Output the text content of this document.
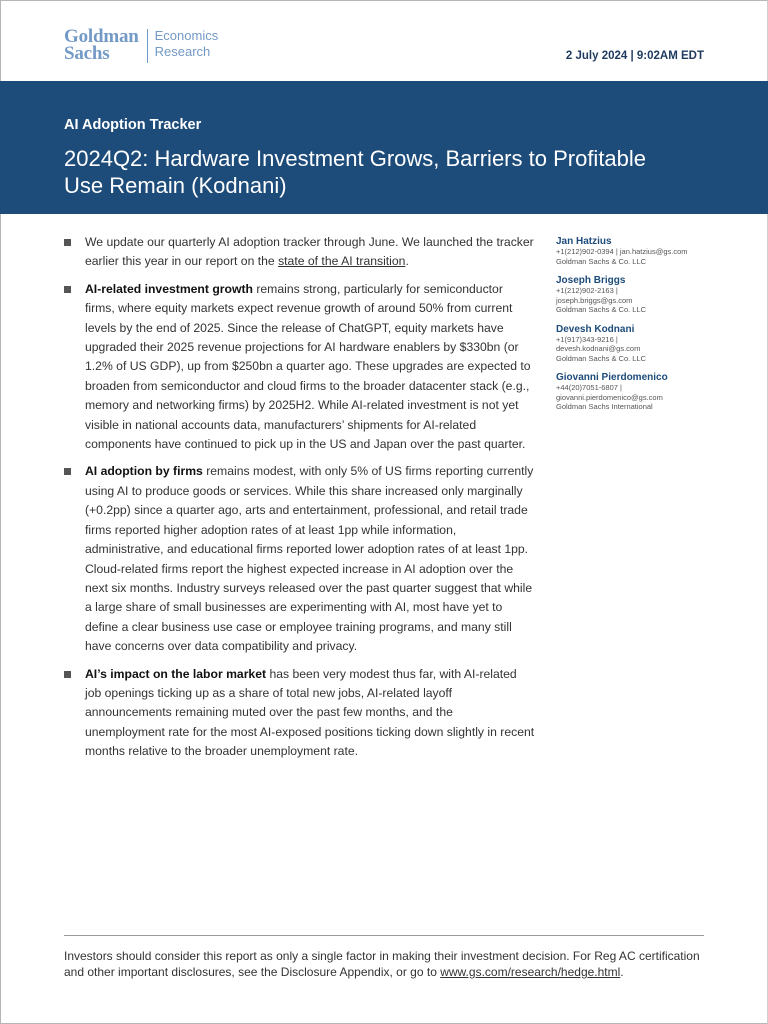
Goldman
Sachs
Economics
Research	2 July 2024 | 9:02AM EDT
AI Adoption Tracker
2024Q2: Hardware Investment Grows, Barriers to Profitable Use Remain (Kodnani)
We update our quarterly AI adoption tracker through June. We launched the tracker earlier this year in our report on the state of the AI transition.
AI-related investment growth remains strong, particularly for semiconductor firms, where equity markets expect revenue growth of around 50% from current levels by the end of 2025. Since the release of ChatGPT, equity markets have upgraded their 2025 revenue projections for AI hardware enablers by $330bn (or 1.2% of US GDP), up from $250bn a quarter ago. These upgrades are expected to broaden from semiconductor and cloud firms to the broader datacenter stack (e.g., memory and networking firms) by 2025H2. While AI-related investment is not yet visible in national accounts data, manufacturers’ shipments for AI-related components have continued to pick up in the US and Japan over the past quarter.
AI adoption by firms remains modest, with only 5% of US firms reporting currently using AI to produce goods or services. While this share increased only marginally (+0.2pp) since a quarter ago, arts and entertainment, professional, and retail trade firms reported higher adoption rates of at least 1pp while information, administrative, and educational firms reported lower adoption rates of at least 1pp. Cloud-related firms report the highest expected increase in AI adoption over the next six months. Industry surveys released over the past quarter suggest that while a large share of small businesses are experimenting with AI, most have yet to define a clear business use case or employee training programs, and many still have concerns over data compatibility and privacy.
AI’s impact on the labor market has been very modest thus far, with AI-related job openings ticking up as a share of total new jobs, AI-related layoff announcements remaining muted over the past few months, and the unemployment rate for the most AI-exposed positions ticking down slightly in recent months relative to the broader unemployment rate.
Jan Hatzius
+1(212)902-0394 | jan.hatzius@gs.com
Goldman Sachs & Co. LLC
Joseph Briggs
+1(212)902-2163 |
joseph.briggs@gs.com
Goldman Sachs & Co. LLC
Devesh Kodnani
+1(917)343-9216 |
devesh.kodnani@gs.com
Goldman Sachs & Co. LLC
Giovanni Pierdomenico
+44(20)7051-6807 |
giovanni.pierdomenico@gs.com
Goldman Sachs International
Investors should consider this report as only a single factor in making their investment decision. For Reg AC certification and other important disclosures, see the Disclosure Appendix, or go to www.gs.com/research/hedge.html.
